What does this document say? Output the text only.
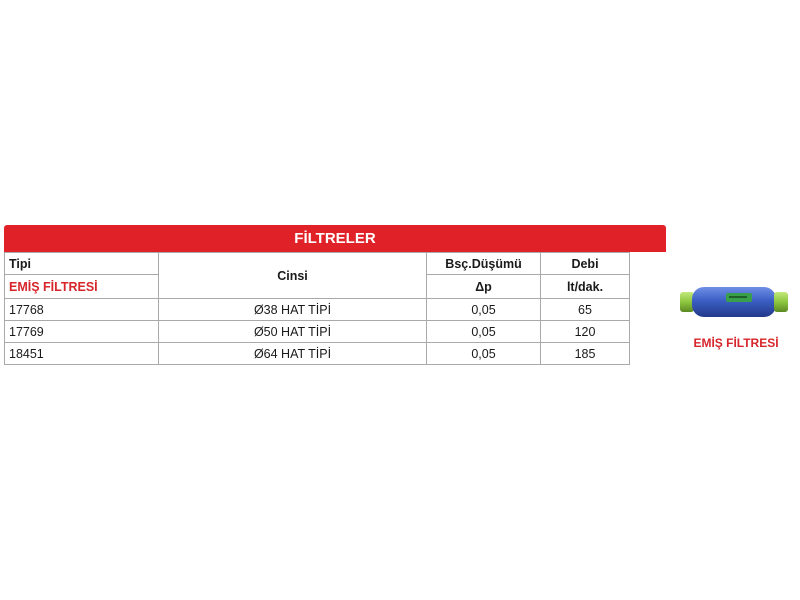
FİLTRELER
Tipi	Cinsi	Bsç.Düşümü	Debi
EMİŞ FİLTRESİ		Δp	lt/dak.
17768	Ø38 HAT TİPİ	0,05	65
17769	Ø50 HAT TİPİ	0,05	120
18451	Ø64 HAT TİPİ	0,05	185
EMİŞ FİLTRESİ
